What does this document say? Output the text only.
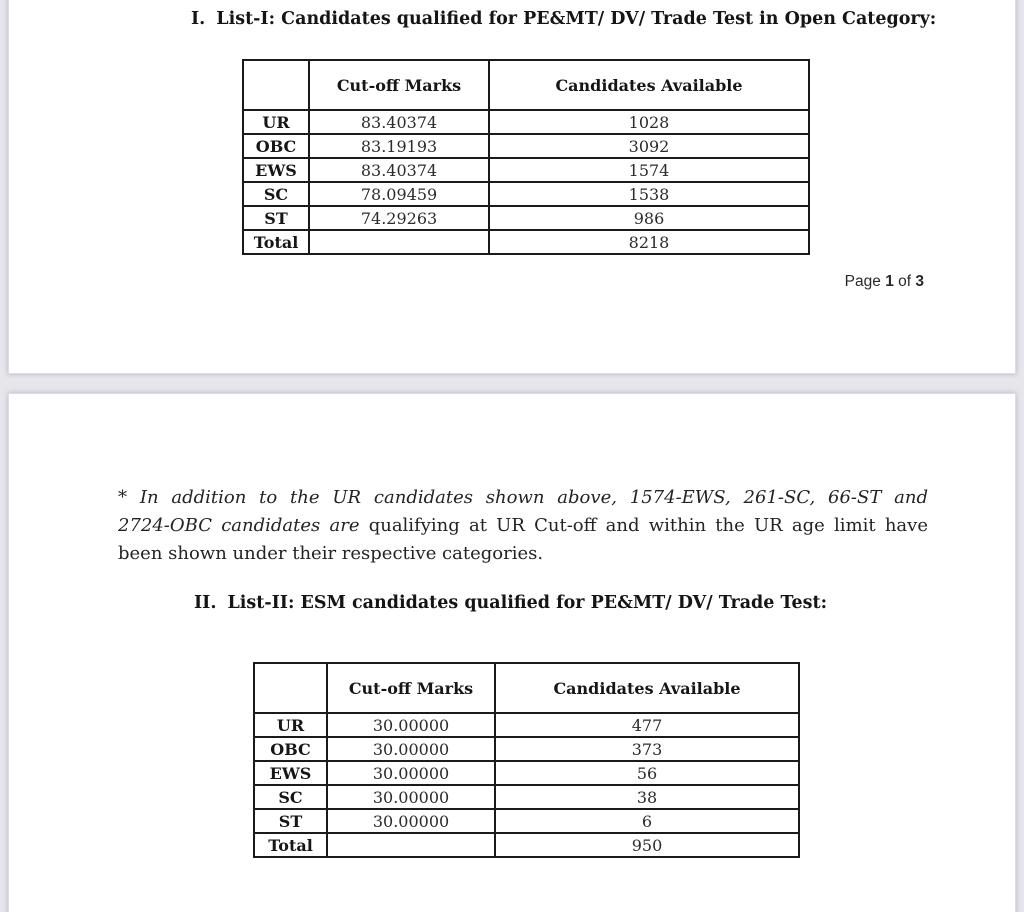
I. List-I: Candidates qualified for PE&MT/ DV/ Trade Test in Open Category:
	Cut-off Marks	Candidates Available
UR	83.40374	1028
OBC	83.19193	3092
EWS	83.40374	1574
SC	78.09459	1538
ST	74.29263	986
Total		8218
Page 1 of 3
* In addition to the UR candidates shown above, 1574-EWS, 261-SC, 66-ST and
2724-OBC candidates are qualifying at UR Cut-off and within the UR age limit have
been shown under their respective categories.
II. List-II: ESM candidates qualified for PE&MT/ DV/ Trade Test:
	Cut-off Marks	Candidates Available
UR	30.00000	477
OBC	30.00000	373
EWS	30.00000	56
SC	30.00000	38
ST	30.00000	6
Total		950
